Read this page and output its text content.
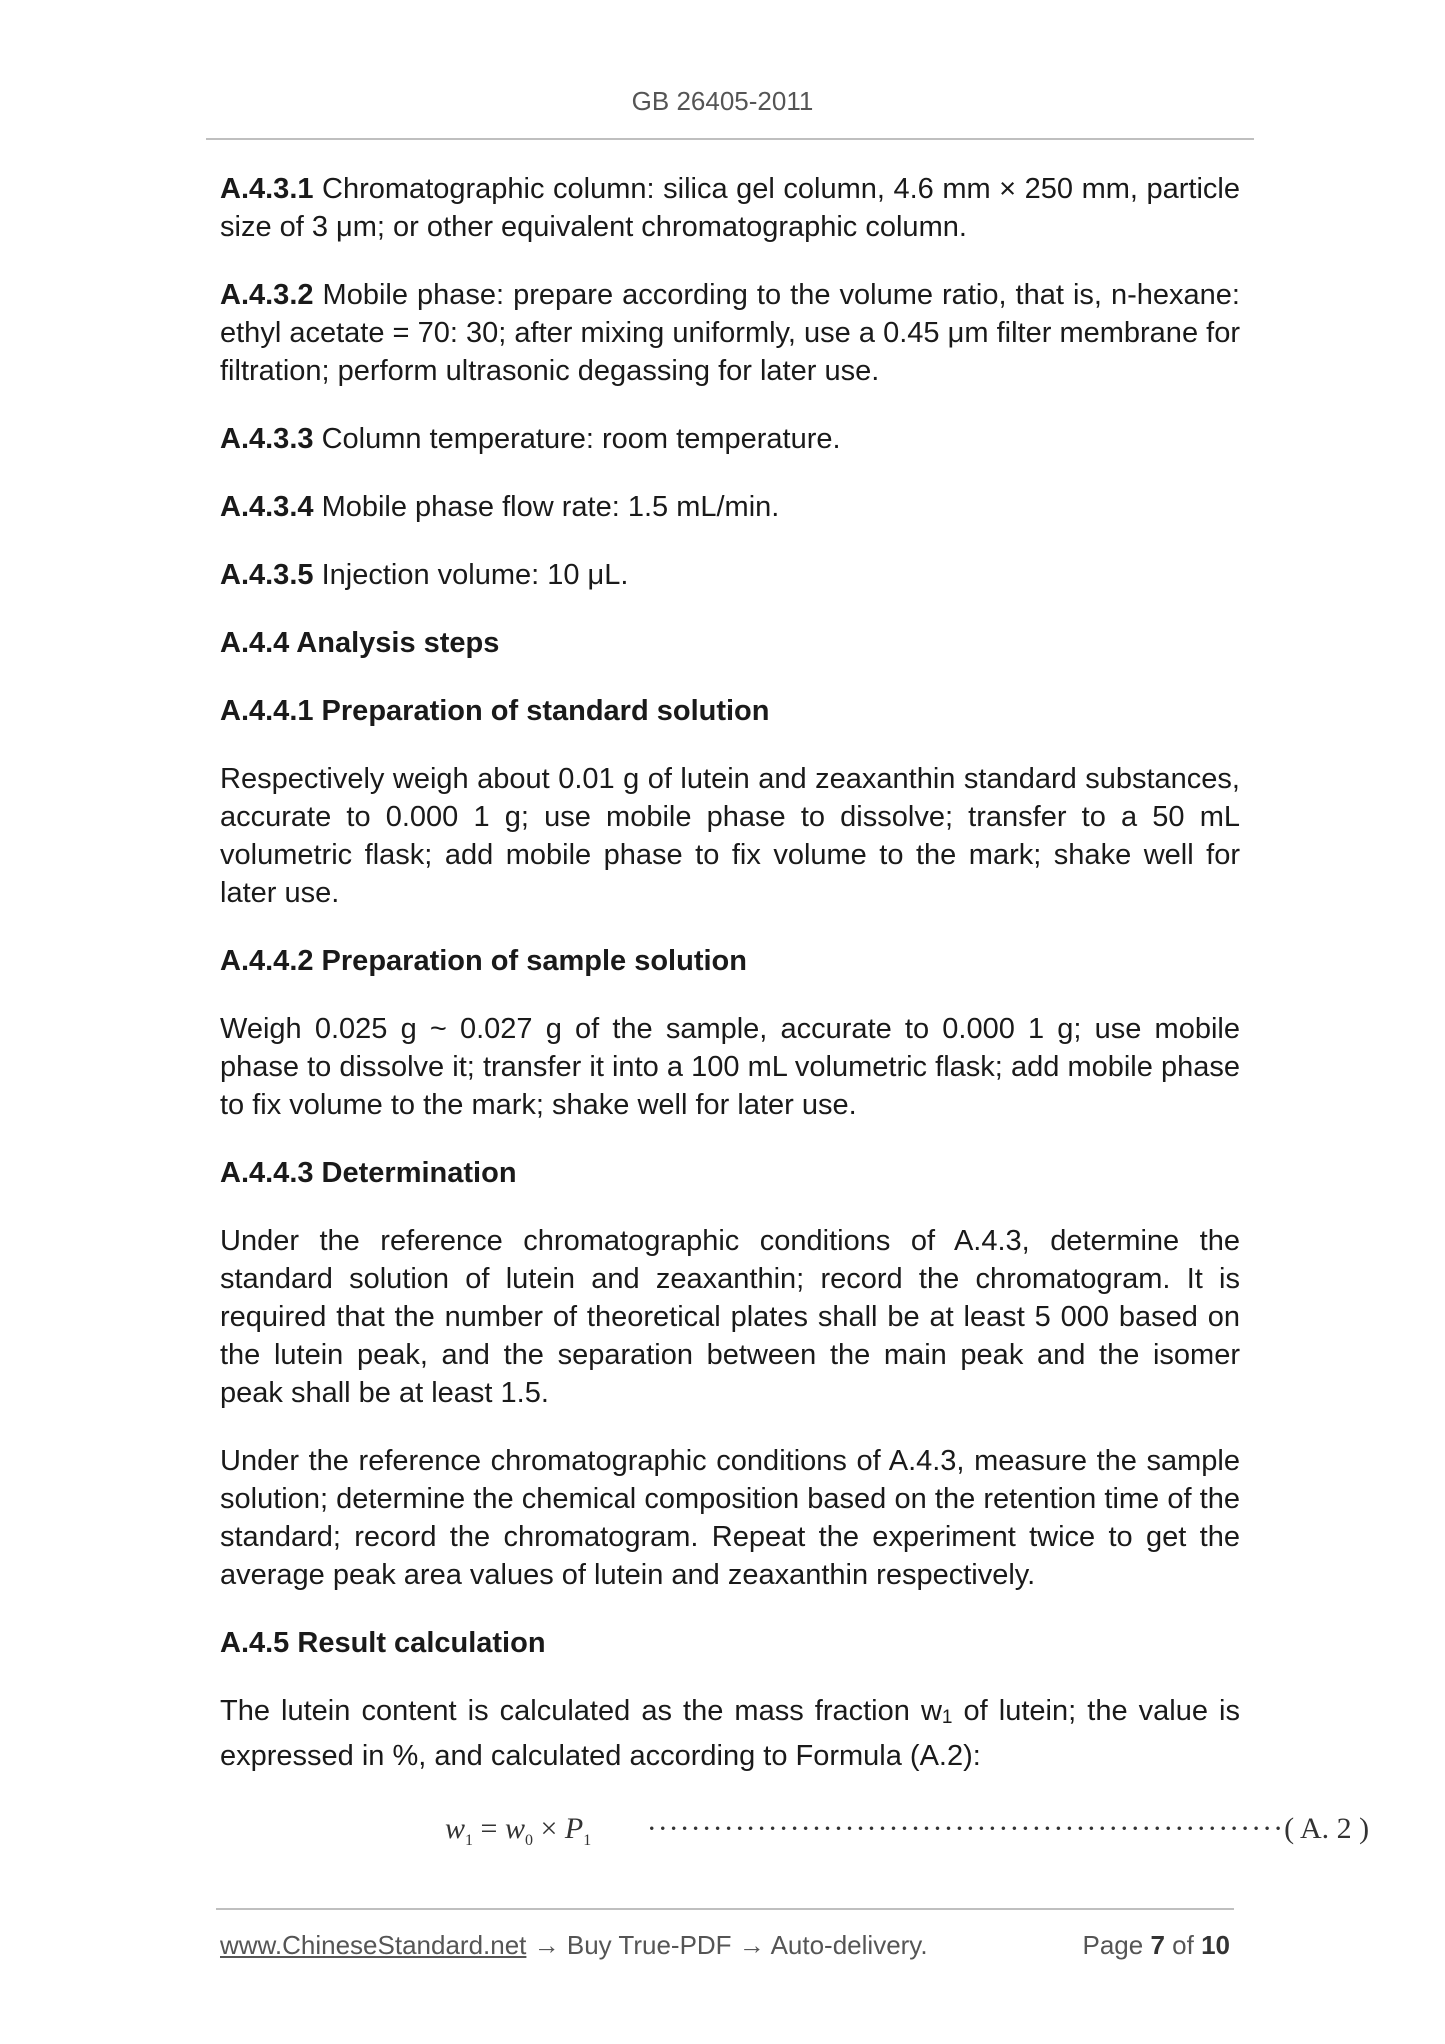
GB 26405-2011

A.4.3.1 Chromatographic column: silica gel column, 4.6 mm × 250 mm, particle size of 3 μm; or other equivalent chromatographic column.

A.4.3.2 Mobile phase: prepare according to the volume ratio, that is, n-hexane: ethyl acetate = 70: 30; after mixing uniformly, use a 0.45 μm filter membrane for filtration; perform ultrasonic degassing for later use.

A.4.3.3 Column temperature: room temperature.

A.4.3.4 Mobile phase flow rate: 1.5 mL/min.

A.4.3.5 Injection volume: 10 μL.

A.4.4 Analysis steps

A.4.4.1 Preparation of standard solution

Respectively weigh about 0.01 g of lutein and zeaxanthin standard substances, accurate to 0.000 1 g; use mobile phase to dissolve; transfer to a 50 mL volumetric flask; add mobile phase to fix volume to the mark; shake well for later use.

A.4.4.2 Preparation of sample solution

Weigh 0.025 g ~ 0.027 g of the sample, accurate to 0.000 1 g; use mobile phase to dissolve it; transfer it into a 100 mL volumetric flask; add mobile phase to fix volume to the mark; shake well for later use.

A.4.4.3 Determination

Under the reference chromatographic conditions of A.4.3, determine the standard solution of lutein and zeaxanthin; record the chromatogram. It is required that the number of theoretical plates shall be at least 5 000 based on the lutein peak, and the separation between the main peak and the isomer peak shall be at least 1.5.

Under the reference chromatographic conditions of A.4.3, measure the sample solution; determine the chemical composition based on the retention time of the standard; record the chromatogram. Repeat the experiment twice to get the average peak area values of lutein and zeaxanthin respectively.

A.4.5 Result calculation

The lutein content is calculated as the mass fraction $w_1$ of lutein; the value is expressed in %, and calculated according to Formula (A.2):

$w_1 = w_0 \times P_1$ ··························································( A. 2 )
www.ChineseStandard.net → Buy True-PDF → Auto-delivery.	Page 7 of 10
